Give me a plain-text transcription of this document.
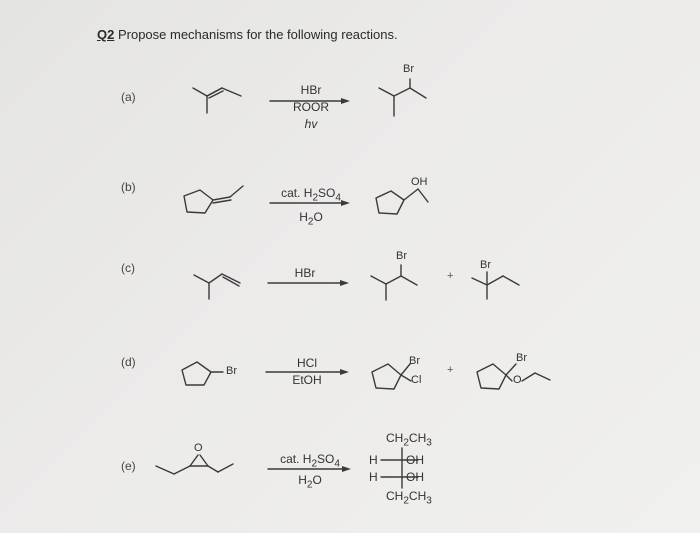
Q2 Propose mechanisms for the following reactions.
(a)
(b)
(c)
(d)
(e)
Br
HBr
ROOR
hv
cat. $H_2SO_4$
$H_2O$
OH
HBr
Br
+
Br
Br
HCl
EtOH
Br
Cl
+
Br
O
O
cat. $H_2SO_4$
$H_2O$
$CH_2CH_3$
H OH
H OH
$CH_2CH_3$
